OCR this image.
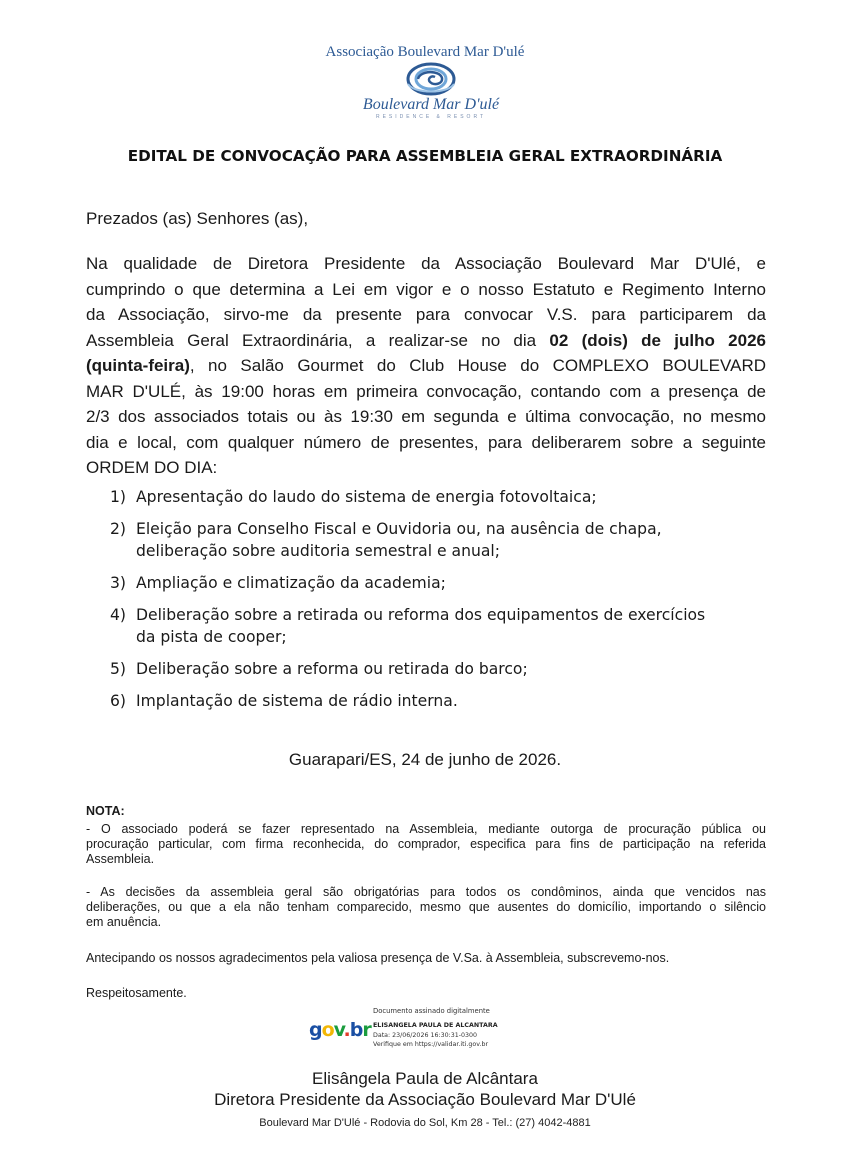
Associação Boulevard Mar D'ulé
Boulevard Mar D'ulé
RESIDENCE & RESORT
EDITAL DE CONVOCAÇÃO PARA ASSEMBLEIA GERAL EXTRAORDINÁRIA
Prezados (as) Senhores (as),
Na qualidade de Diretora Presidente da Associação Boulevard Mar D'Ulé, e
cumprindo o que determina a Lei em vigor e o nosso Estatuto e Regimento Interno
da Associação, sirvo-me da presente para convocar V.S. para participarem da
Assembleia Geral Extraordinária, a realizar-se no dia 02 (dois) de julho 2026
(quinta-feira), no Salão Gourmet do Club House do COMPLEXO BOULEVARD
MAR D'ULÉ, às 19:00 horas em primeira convocação, contando com a presença de
2/3 dos associados totais ou às 19:30 em segunda e última convocação, no mesmo
dia e local, com qualquer número de presentes, para deliberarem sobre a seguinte
ORDEM DO DIA:
1) Apresentação do laudo do sistema de energia fotovoltaica;
2) Eleição para Conselho Fiscal e Ouvidoria ou, na ausência de chapa,
deliberação sobre auditoria semestral e anual;
3) Ampliação e climatização da academia;
4) Deliberação sobre a retirada ou reforma dos equipamentos de exercícios
da pista de cooper;
5) Deliberação sobre a reforma ou retirada do barco;
6) Implantação de sistema de rádio interna.
Guarapari/ES, 24 de junho de 2026.
NOTA:
- O associado poderá se fazer representado na Assembleia, mediante outorga de procuração pública ou
procuração particular, com firma reconhecida, do comprador, especifica para fins de participação na referida
Assembleia.
- As decisões da assembleia geral são obrigatórias para todos os condôminos, ainda que vencidos nas
deliberações, ou que a ela não tenham comparecido, mesmo que ausentes do domicílio, importando o silêncio
em anuência.
Antecipando os nossos agradecimentos pela valiosa presença de V.Sa. à Assembleia, subscrevemo-nos.
Respeitosamente.
gov.br
Documento assinado digitalmente
ELISANGELA PAULA DE ALCANTARA
Data: 23/06/2026 16:30:31-0300
Verifique em https://validar.iti.gov.br
Elisângela Paula de Alcântara
Diretora Presidente da Associação Boulevard Mar D'Ulé
Boulevard Mar D'Ulé - Rodovia do Sol, Km 28 - Tel.: (27) 4042-4881
